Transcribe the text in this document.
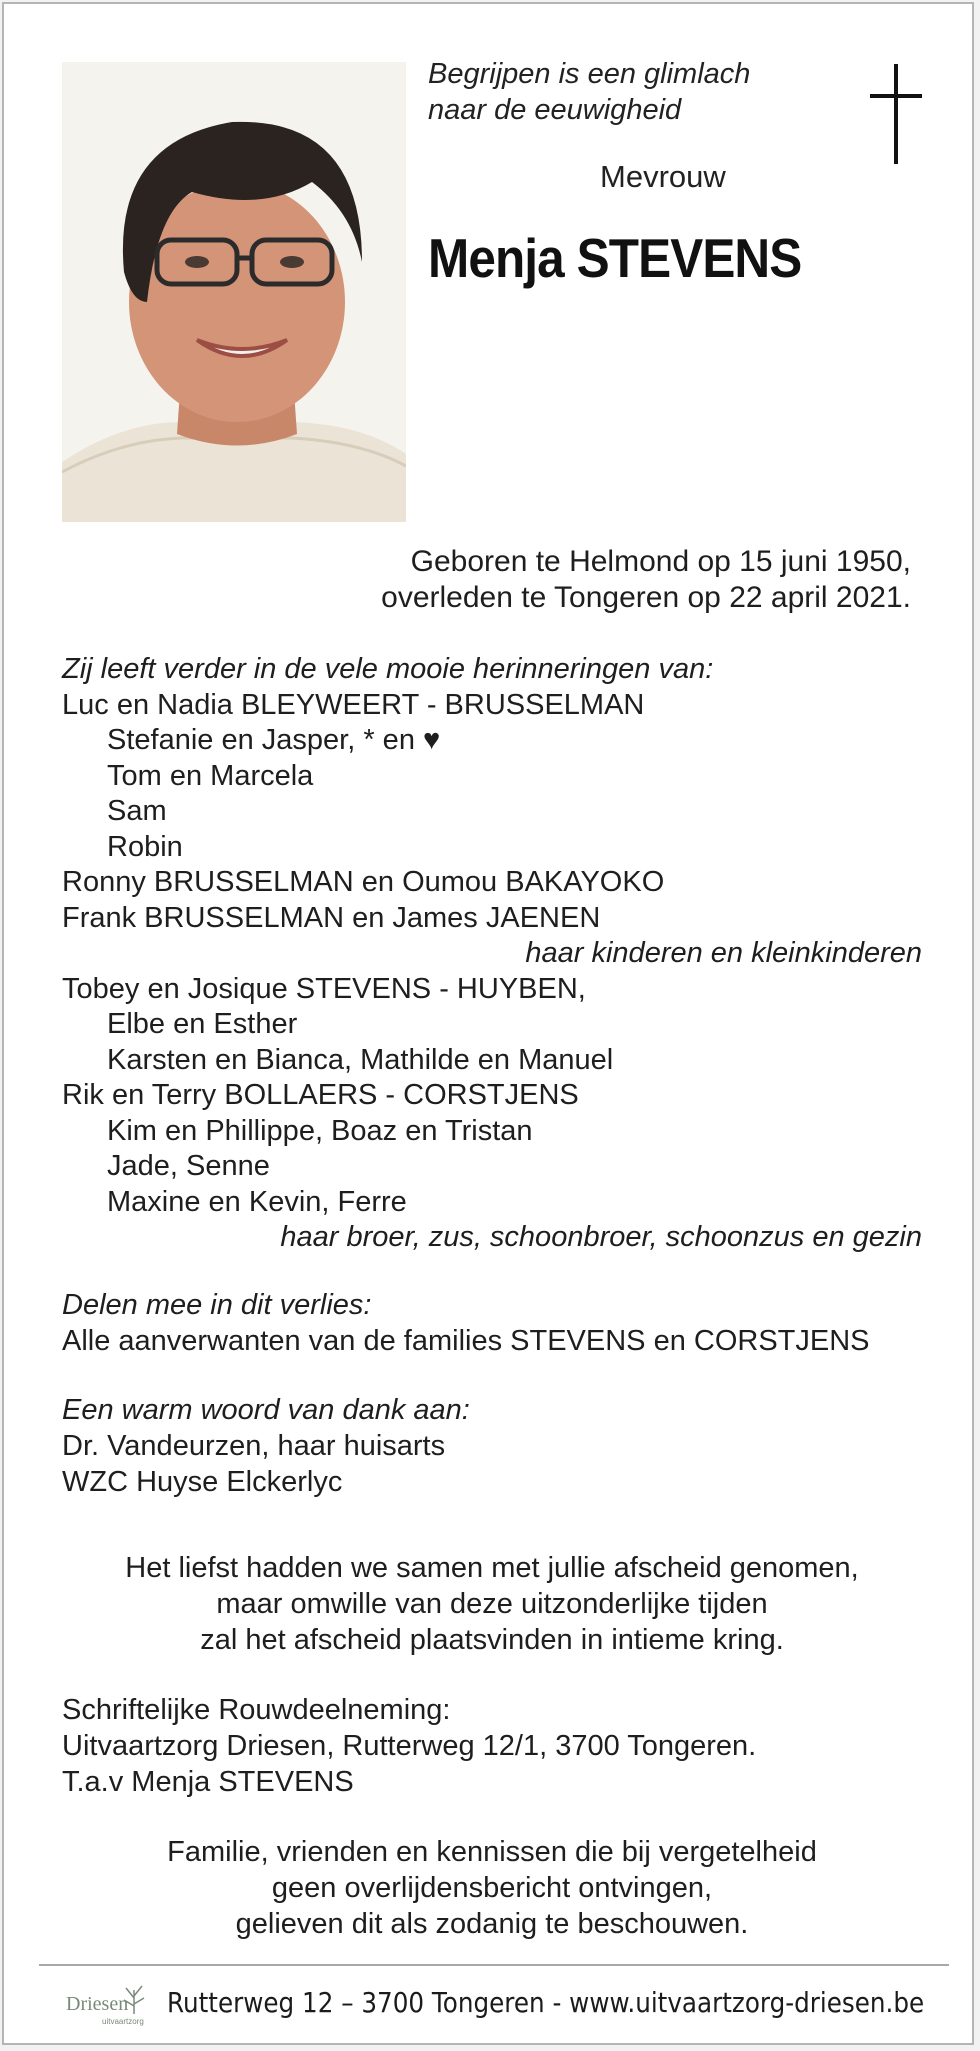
Begrijpen is een glimlach
naar de eeuwigheid
Mevrouw
Menja STEVENS
Geboren te Helmond op 15 juni 1950,
overleden te Tongeren op 22 april 2021.
Zij leeft verder in de vele mooie herinneringen van:
Luc en Nadia BLEYWEERT - BRUSSELMAN
Stefanie en Jasper, * en ♥
Tom en Marcela
Sam
Robin
Ronny BRUSSELMAN en Oumou BAKAYOKO
Frank BRUSSELMAN en James JAENEN
haar kinderen en kleinkinderen
Tobey en Josique STEVENS - HUYBEN,
Elbe en Esther
Karsten en Bianca, Mathilde en Manuel
Rik en Terry BOLLAERS - CORSTJENS
Kim en Phillippe, Boaz en Tristan
Jade, Senne
Maxine en Kevin, Ferre
haar broer, zus, schoonbroer, schoonzus en gezin
Delen mee in dit verlies:
Alle aanverwanten van de families STEVENS en CORSTJENS
Een warm woord van dank aan:
Dr. Vandeurzen, haar huisarts
WZC Huyse Elckerlyc
Het liefst hadden we samen met jullie afscheid genomen,
maar omwille van deze uitzonderlijke tijden
zal het afscheid plaatsvinden in intieme kring.
Schriftelijke Rouwdeelneming:
Uitvaartzorg Driesen, Rutterweg 12/1, 3700 Tongeren.
T.a.v Menja STEVENS
Familie, vrienden en kennissen die bij vergetelheid
geen overlijdensbericht ontvingen,
gelieven dit als zodanig te beschouwen.
Driesen
uitvaartzorg
Rutterweg 12 – 3700 Tongeren - www.uitvaartzorg-driesen.be
